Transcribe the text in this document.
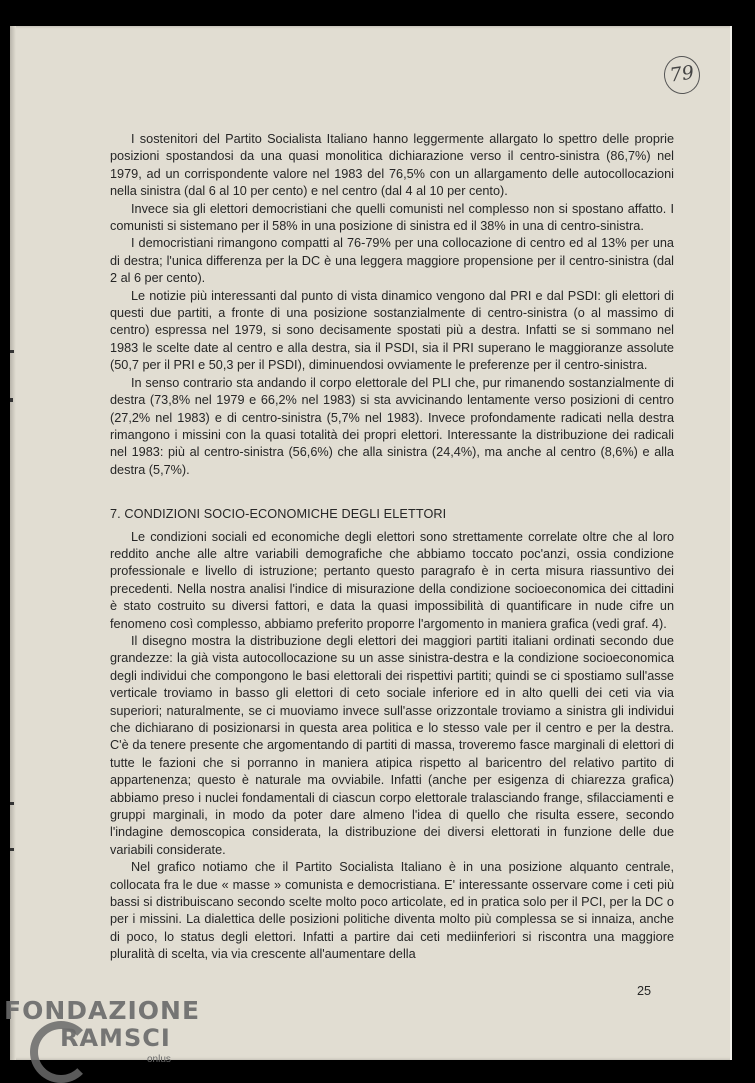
79

I sostenitori del Partito Socialista Italiano hanno leggermente allargato lo spettro delle proprie posizioni spostandosi da una quasi monolitica dichiarazione verso il centro-sinistra (86,7%) nel 1979, ad un corrispondente valore nel 1983 del 76,5% con un allargamento delle autocollocazioni nella sinistra (dal 6 al 10 per cento) e nel centro (dal 4 al 10 per cento).

Invece sia gli elettori democristiani che quelli comunisti nel complesso non si spostano affatto. I comunisti si sistemano per il 58% in una posizione di sinistra ed il 38% in una di centro-sinistra.

I democristiani rimangono compatti al 76-79% per una collocazione di centro ed al 13% per una di destra; l'unica differenza per la DC è una leggera maggiore propensione per il centro-sinistra (dal 2 al 6 per cento).

Le notizie più interessanti dal punto di vista dinamico vengono dal PRI e dal PSDI: gli elettori di questi due partiti, a fronte di una posizione sostanzialmente di centro-sinistra (o al massimo di centro) espressa nel 1979, si sono decisamente spostati più a destra. Infatti se si sommano nel 1983 le scelte date al centro e alla destra, sia il PSDI, sia il PRI superano le maggioranze assolute (50,7 per il PRI e 50,3 per il PSDI), diminuendosi ovviamente le preferenze per il centro-sinistra.

In senso contrario sta andando il corpo elettorale del PLI che, pur rimanendo sostanzialmente di destra (73,8% nel 1979 e 66,2% nel 1983) si sta avvicinando lentamente verso posizioni di centro (27,2% nel 1983) e di centro-sinistra (5,7% nel 1983). Invece profondamente radicati nella destra rimangono i missini con la quasi totalità dei propri elettori. Interessante la distribuzione dei radicali nel 1983: più al centro-sinistra (56,6%) che alla sinistra (24,4%), ma anche al centro (8,6%) e alla destra (5,7%).

7. CONDIZIONI SOCIO-ECONOMICHE DEGLI ELETTORI

Le condizioni sociali ed economiche degli elettori sono strettamente correlate oltre che al loro reddito anche alle altre variabili demografiche che abbiamo toccato poc'anzi, ossia condizione professionale e livello di istruzione; pertanto questo paragrafo è in certa misura riassuntivo dei precedenti. Nella nostra analisi l'indice di misurazione della condizione socioeconomica dei cittadini è stato costruito su diversi fattori, e data la quasi impossibilità di quantificare in nude cifre un fenomeno così complesso, abbiamo preferito proporre l'argomento in maniera grafica (vedi graf. 4).

Il disegno mostra la distribuzione degli elettori dei maggiori partiti italiani ordinati secondo due grandezze: la già vista autocollocazione su un asse sinistra-destra e la condizione socioeconomica degli individui che compongono le basi elettorali dei rispettivi partiti; quindi se ci spostiamo sull'asse verticale troviamo in basso gli elettori di ceto sociale inferiore ed in alto quelli dei ceti via via superiori; naturalmente, se ci muoviamo invece sull'asse orizzontale troviamo a sinistra gli individui che dichiarano di posizionarsi in questa area politica e lo stesso vale per il centro e per la destra. C'è da tenere presente che argomentando di partiti di massa, troveremo fasce marginali di elettori di tutte le fazioni che si porranno in maniera atipica rispetto al baricentro del relativo partito di appartenenza; questo è naturale ma ovviabile. Infatti (anche per esigenza di chiarezza grafica) abbiamo preso i nuclei fondamentali di ciascun corpo elettorale tralasciando frange, sfilacciamenti e gruppi marginali, in modo da poter dare almeno l'idea di quello che risulta essere, secondo l'indagine demoscopica considerata, la distribuzione dei diversi elettorati in funzione delle due variabili considerate.

Nel grafico notiamo che il Partito Socialista Italiano è in una posizione alquanto centrale, collocata fra le due « masse » comunista e democristiana. E' interessante osservare come i ceti più bassi si distribuiscano secondo scelte molto poco articolate, ed in pratica solo per il PCI, per la DC o per i missini. La dialettica delle posizioni politiche diventa molto più complessa se si innaiza, anche di poco, lo status degli elettori. Infatti a partire dai ceti mediinferiori si riscontra una maggiore pluralità di scelta, via via crescente all'aumentare della

25
FONDAZIONE
RAMSCI
onlus
